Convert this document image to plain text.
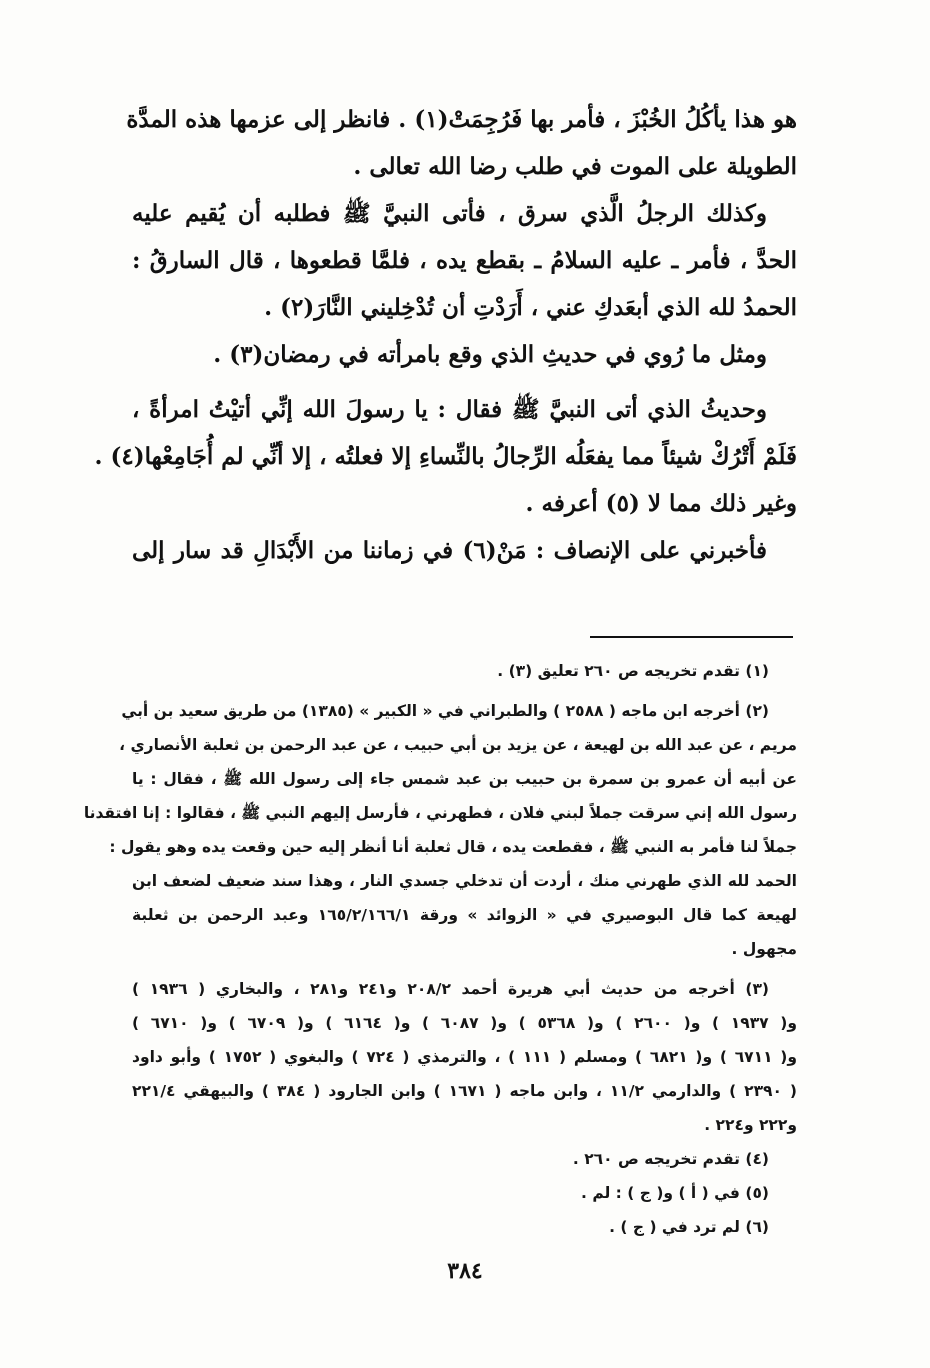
هو هذا يأكُلُ الخُبْزَ ، فأمر بها فَرُجِمَتْ(١) . فانظر إلى عزمها هذه المدَّة
الطويلة على الموت في طلب رضا الله تعالى .
وكذلك الرجلُ الَّذي سرق ، فأتى النبيَّ ﷺ فطلبه أن يُقيم عليه
الحدَّ ، فأمر ـ عليه السلامُ ـ بقطع يده ، فلمَّا قطعوها ، قال السارقُ :
الحمدُ لله الذي أبعَدكِ عني ، أَرَدْتِ أن تُدْخِليني النَّارَ(٢) .
ومثل ما رُوي في حديثِ الذي وقع بامرأته في رمضان(٣) .
وحديثُ الذي أتى النبيَّ ﷺ فقال : يا رسولَ الله إنِّي أتيْتُ امرأةً ،
فَلَمْ أَتْرُكْ شيئاً مما يفعَلُه الرِّجالُ بالنِّساءِ إلا فعلتُه ، إلا أنِّي لم أُجَامِعْها(٤) .
وغير ذلك مما لا (٥) أعرفه .
فأخبرني على الإنصاف : مَنْ(٦) في زماننا من الأَبْدَالِ قد سار إلى
(١) تقدم تخريجه ص ٢٦٠ تعليق (٣) .
(٢) أخرجه ابن ماجه ( ٢٥٨٨ ) والطبراني في « الكبير » (١٣٨٥) من طريق سعيد بن أبي
مريم ، عن عبد الله بن لهيعة ، عن يزيد بن أبي حبيب ، عن عبد الرحمن بن ثعلبة الأنصاري ،
عن أبيه أن عمرو بن سمرة بن حبيب بن عبد شمس جاء إلى رسول الله ﷺ ، فقال : يا
رسول الله إني سرقت جملاً لبني فلان ، فطهرني ، فأرسل إليهم النبي ﷺ ، فقالوا : إنا افتقدنا
جملاً لنا فأمر به النبي ﷺ ، فقطعت يده ، قال ثعلبة أنا أنظر إليه حين وقعت يده وهو يقول :
الحمد لله الذي طهرني منك ، أردت أن تدخلي جسدي النار ، وهذا سند ضعيف لضعف ابن
لهيعة كما قال البوصيري في « الزوائد » ورقة ١٦٥/٢/١٦٦/١ وعبد الرحمن بن ثعلبة
مجهول .
(٣) أخرجه من حديث أبي هريرة أحمد ٢٠٨/٢ و٢٤١ و٢٨١ ، والبخاري ( ١٩٣٦ )
و( ١٩٣٧ ) و( ٢٦٠٠ ) و( ٥٣٦٨ ) و( ٦٠٨٧ ) و( ٦١٦٤ ) و( ٦٧٠٩ ) و( ٦٧١٠ )
و( ٦٧١١ ) و( ٦٨٢١ ) ومسلم ( ١١١ ) ، والترمذي ( ٧٢٤ ) والبغوي ( ١٧٥٢ ) وأبو داود
( ٢٣٩٠ ) والدارمي ١١/٢ ، وابن ماجه ( ١٦٧١ ) وابن الجارود ( ٣٨٤ ) والبيهقي ٢٢١/٤
و٢٢٢ و٢٢٤ .
(٤) تقدم تخريجه ص ٢٦٠ .
(٥) في ( أ ) و( ج ) : لم .
(٦) لم ترد في ( ج ) .
٣٨٤
